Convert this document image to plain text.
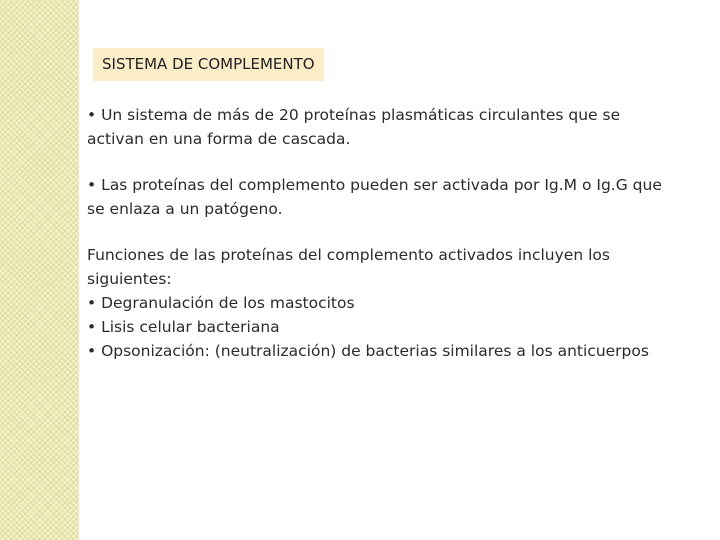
SISTEMA DE COMPLEMENTO
• Un sistema de más de 20 proteínas plasmáticas circulantes que se
activan en una forma de cascada.
• Las proteínas del complemento pueden ser activada por Ig.M o Ig.G que
se enlaza a un patógeno.
Funciones de las proteínas del complemento activados incluyen los
siguientes:
• Degranulación de los mastocitos
• Lisis celular bacteriana
• Opsonización: (neutralización) de bacterias similares a los anticuerpos
